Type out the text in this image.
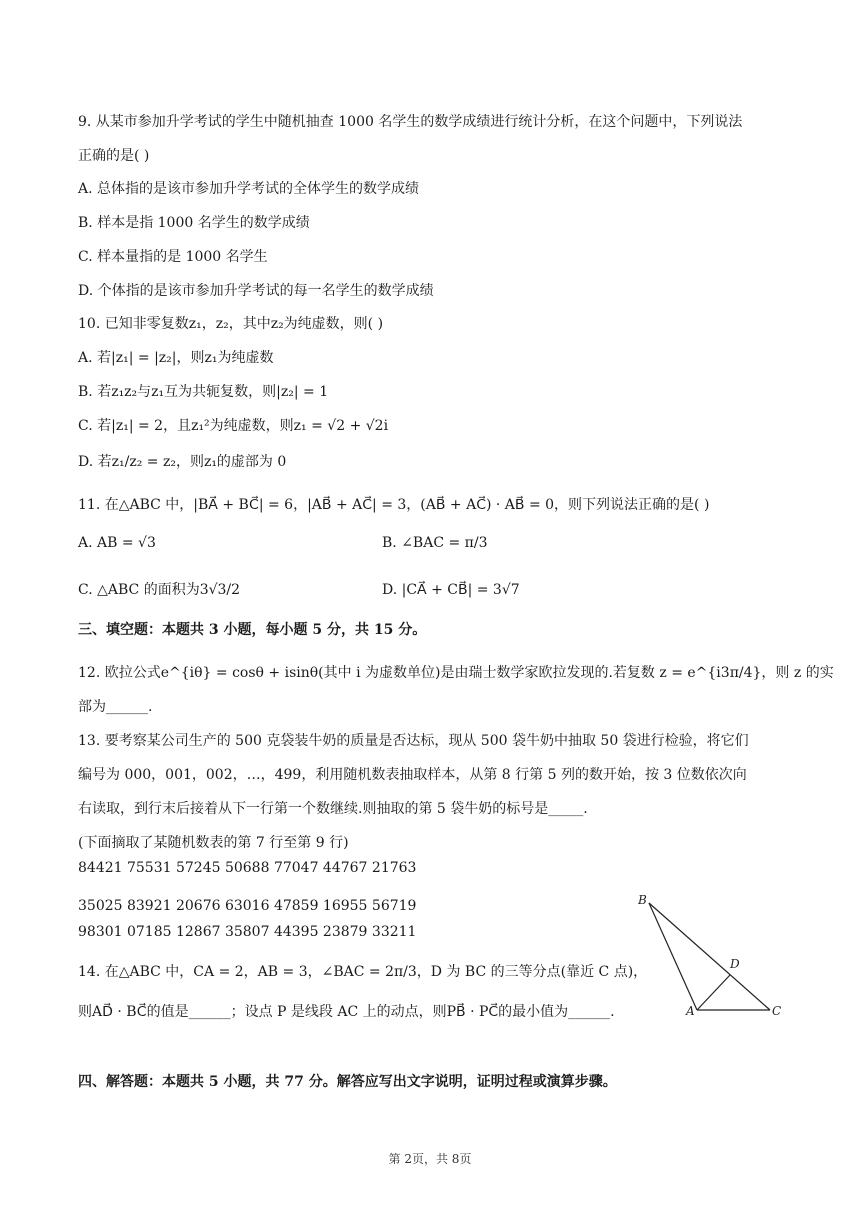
9. 从某市参加升学考试的学生中随机抽查 1000 名学生的数学成绩进行统计分析，在这个问题中，下列说法
正确的是( )
A. 总体指的是该市参加升学考试的全体学生的数学成绩
B. 样本是指 1000 名学生的数学成绩
C. 样本量指的是 1000 名学生
D. 个体指的是该市参加升学考试的每一名学生的数学成绩
10. 已知非零复数z₁，z₂，其中z₂为纯虚数，则( )
A. 若|z₁| = |z₂|，则z₁为纯虚数
B. 若z₁z₂与z₁互为共轭复数，则|z₂| = 1
C. 若|z₁| = 2，且z₁²为纯虚数，则z₁ = √2 + √2i
D. 若z₁/z₂ = z₂，则z₁的虚部为 0
11. 在△ABC 中，|BA⃗ + BC⃗| = 6，|AB⃗ + AC⃗| = 3，(AB⃗ + AC⃗) · AB⃗ = 0，则下列说法正确的是( )
A. AB = √3	B. ∠BAC = π/3
C. △ABC 的面积为3√3/2	D. |CA⃗ + CB⃗| = 3√7
三、填空题：本题共 3 小题，每小题 5 分，共 15 分。
12. 欧拉公式e^{iθ} = cosθ + isinθ(其中 i 为虚数单位)是由瑞士数学家欧拉发现的.若复数 z = e^{i3π/4}，则 z 的实
部为______.
13. 要考察某公司生产的 500 克袋装牛奶的质量是否达标，现从 500 袋牛奶中抽取 50 袋进行检验，将它们
编号为 000，001，002，…，499，利用随机数表抽取样本，从第 8 行第 5 列的数开始，按 3 位数依次向
右读取，到行末后接着从下一行第一个数继续.则抽取的第 5 袋牛奶的标号是_____.
(下面摘取了某随机数表的第 7 行至第 9 行)
84421 75531 57245 50688 77047 44767 21763
35025 83921 20676 63016 47859 16955 56719
98301 07185 12867 35807 44395 23879 33211
14. 在△ABC 中，CA = 2，AB = 3，∠BAC = 2π/3，D 为 BC 的三等分点(靠近 C 点)，
则AD⃗ · BC⃗的值是______；设点 P 是线段 AC 上的动点，则PB⃗ · PC⃗的最小值为______.
B
D
A	C
四、解答题：本题共 5 小题，共 77 分。解答应写出文字说明，证明过程或演算步骤。
第 2页，共 8页
